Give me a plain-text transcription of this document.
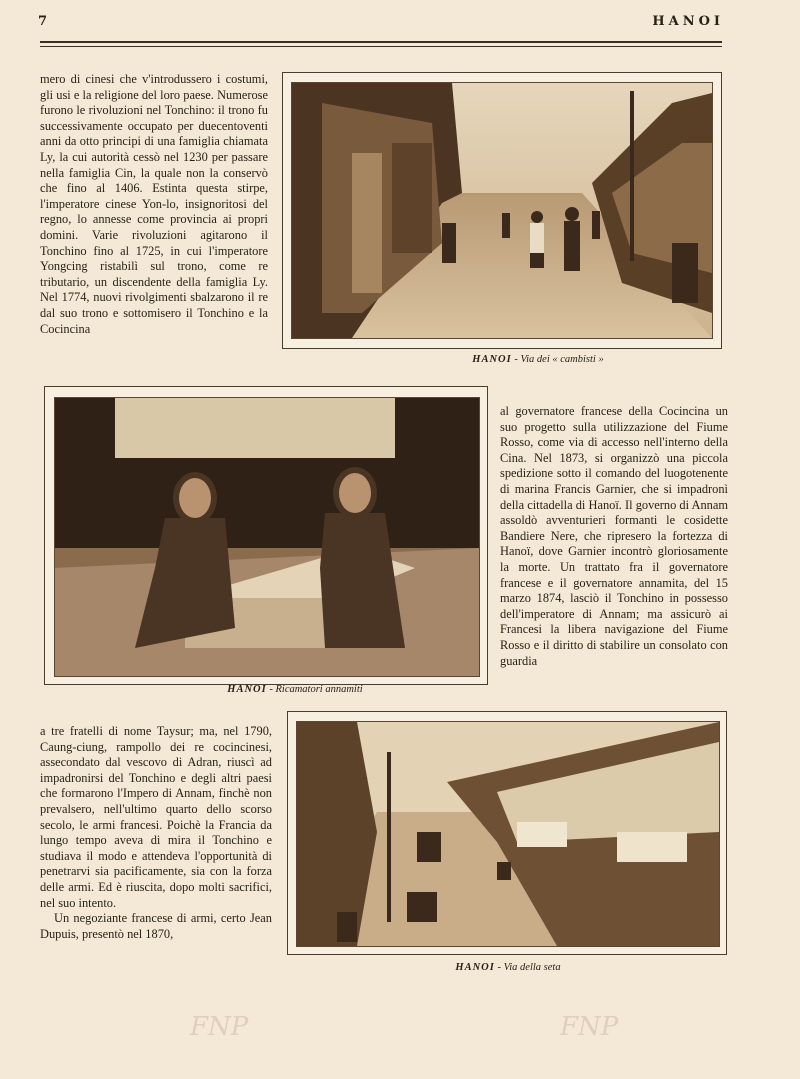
7	HANOI

mero di cinesi che v'introdussero i costumi, gli usi e la religione del loro paese. Numerose furono le rivoluzioni nel Tonchino: il trono fu successivamente occupato per duecentoventi anni da otto principi di una famiglia chiamata Ly, la cui autorità cessò nel 1230 per passare nella famiglia Cin, la quale non la conservò che fino al 1406. Estinta questa stirpe, l'imperatore cinese Yon-lo, insignoritosi del regno, lo annesse come provincia ai propri domini. Varie rivoluzioni agitarono il Tonchino fino al 1725, in cui l'imperatore Yongcing ristabilì sul trono, come re tributario, un discendente della famiglia Ly. Nel 1774, nuovi rivolgimenti sbalzarono il re dal suo trono e sottomisero il Tonchino e la Cocincina

al governatore francese della Cocincina un suo progetto sulla utilizzazione del Fiume Rosso, come via di accesso nell'interno della Cina. Nel 1873, si organizzò una piccola spedizione sotto il comando del luogotenente di marina Francis Garnier, che si impadronì della cittadella di Hanoï. Il governo di Annam assoldò avventurieri formanti le cosidette Bandiere Nere, che ripresero la fortezza di Hanoï, dove Garnier incontrò gloriosamente la morte. Un trattato fra il governatore francese e il governatore annamita, del 15 marzo 1874, lasciò il Tonchino in possesso dell'imperatore di Annam; ma assicurò ai Francesi la libera navigazione del Fiume Rosso e il diritto di stabilire un consolato con guardia

a tre fratelli di nome Taysur; ma, nel 1790, Caung-ciung, rampollo dei re cocincinesi, assecondato dal vescovo di Adran, riuscì ad impadronirsi del Tonchino e degli altri paesi che formarono l'Impero di Annam, finchè non prevalsero, nell'ultimo quarto dello scorso secolo, le armi francesi. Poichè la Francia da lungo tempo aveva di mira il Tonchino e studiava il modo e attendeva l'opportunità di penetrarvi sia pacificamente, sia con la forza delle armi. Ed è riuscita, dopo molti sacrifici, nel suo intento.

Un negoziante francese di armi, certo Jean Dupuis, presentò nel 1870,

HANOI - Via dei « cambisti »
HANOI - Ricamatori annamiti
HANOI - Via della seta
FNP	FNP
